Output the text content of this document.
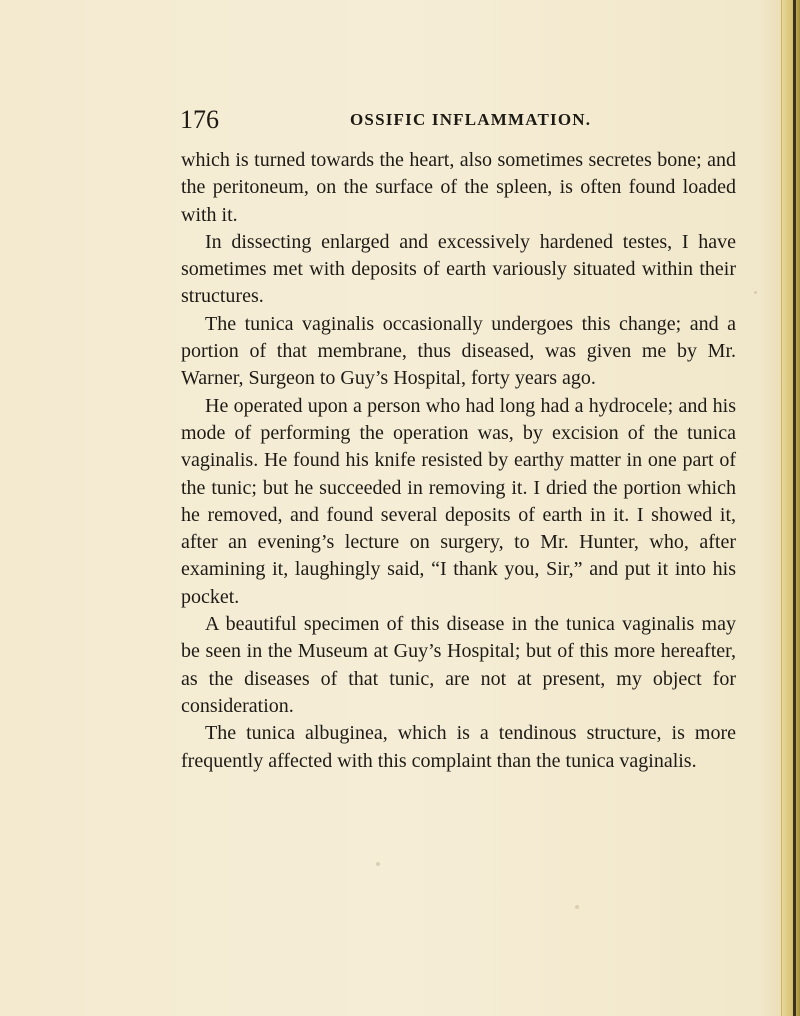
176	OSSIFIC INFLAMMATION.

which is turned towards the heart, also sometimes secretes bone; and the peritoneum, on the surface of the spleen, is often found loaded with it.

In dissecting enlarged and excessively hardened testes, I have sometimes met with deposits of earth variously situated within their structures.

The tunica vaginalis occasionally undergoes this change; and a portion of that membrane, thus diseased, was given me by Mr. Warner, Surgeon to Guy’s Hospital, forty years ago.

He operated upon a person who had long had a hydrocele; and his mode of performing the operation was, by excision of the tunica vaginalis. He found his knife resisted by earthy matter in one part of the tunic; but he succeeded in removing it. I dried the portion which he removed, and found several deposits of earth in it. I showed it, after an evening’s lecture on surgery, to Mr. Hunter, who, after examining it, laughingly said, “I thank you, Sir,” and put it into his pocket.

A beautiful specimen of this disease in the tunica vaginalis may be seen in the Museum at Guy’s Hospital; but of this more hereafter, as the diseases of that tunic, are not at present, my object for consideration.

The tunica albuginea, which is a tendinous structure, is more frequently affected with this complaint than the tunica vaginalis.
